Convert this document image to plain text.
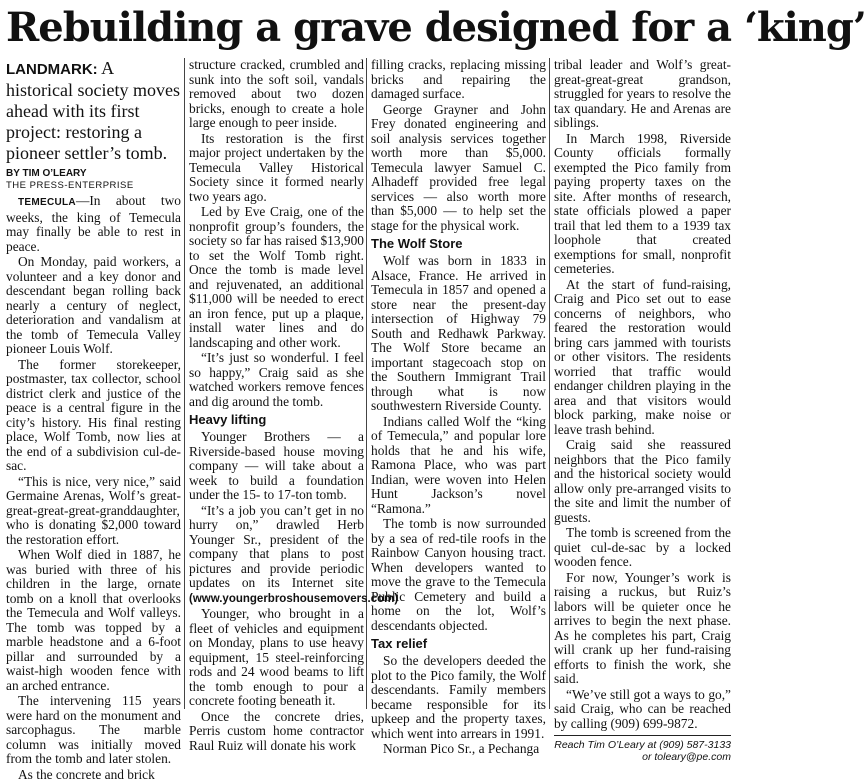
Rebuilding a grave designed for a ‘king’

LANDMARK: A historical society moves ahead with its first project: restoring a pioneer settler’s tomb.

BY TIM O’LEARY

THE PRESS-ENTERPRISE

TEMECULA—In about two weeks, the king of Temecula may finally be able to rest in peace.

On Monday, paid workers, a volunteer and a key donor and descendant began rolling back nearly a century of neglect, deterioration and vandalism at the tomb of Temecula Valley pioneer Louis Wolf.

The former storekeeper, postmaster, tax collector, school district clerk and justice of the peace is a central figure in the city’s history. His final resting place, Wolf Tomb, now lies at the end of a subdivision cul-de-sac.

“This is nice, very nice,” said Germaine Arenas, Wolf’s great-great-great-great-granddaughter, who is donating $2,000 toward the restoration effort.

When Wolf died in 1887, he was buried with three of his children in the large, ornate tomb on a knoll that overlooks the Temecula and Wolf valleys. The tomb was topped by a marble headstone and a 6-foot pillar and surrounded by a waist-high wooden fence with an arched entrance.

The intervening 115 years were hard on the monument and sarcophagus. The marble column was initially moved from the tomb and later stolen.

As the concrete and brick

structure cracked, crumbled and sunk into the soft soil, vandals removed about two dozen bricks, enough to create a hole large enough to peer inside.

Its restoration is the first major project undertaken by the Temecula Valley Historical Society since it formed nearly two years ago.

Led by Eve Craig, one of the nonprofit group’s founders, the society so far has raised $13,900 to set the Wolf Tomb right. Once the tomb is made level and rejuvenated, an additional $11,000 will be needed to erect an iron fence, put up a plaque, install water lines and do landscaping and other work.

“It’s just so wonderful. I feel so happy,” Craig said as she watched workers remove fences and dig around the tomb.

Heavy lifting

Younger Brothers — a Riverside-based house moving company — will take about a week to build a foundation under the 15- to 17-ton tomb.

“It’s a job you can’t get in no hurry on,” drawled Herb Younger Sr., president of the company that plans to post pictures and provide periodic updates on its Internet site (www.youngerbroshousemovers.com)

Younger, who brought in a fleet of vehicles and equipment on Monday, plans to use heavy equipment, 15 steel-reinforcing rods and 24 wood beams to lift the tomb enough to pour a concrete footing beneath it.

Once the concrete dries, Perris custom home contractor Raul Ruiz will donate his work

filling cracks, replacing missing bricks and repairing the damaged surface.

George Grayner and John Frey donated engineering and soil analysis services together worth more than $5,000. Temecula lawyer Samuel C. Alhadeff provided free legal services — also worth more than $5,000 — to help set the stage for the physical work.

The Wolf Store

Wolf was born in 1833 in Alsace, France. He arrived in Temecula in 1857 and opened a store near the present-day intersection of Highway 79 South and Redhawk Parkway. The Wolf Store became an important stagecoach stop on the Southern Immigrant Trail through what is now southwestern Riverside County.

Indians called Wolf the “king of Temecula,” and popular lore holds that he and his wife, Ramona Place, who was part Indian, were woven into Helen Hunt Jackson’s novel “Ramona.”

The tomb is now surrounded by a sea of red-tile roofs in the Rainbow Canyon housing tract. When developers wanted to move the grave to the Temecula Public Cemetery and build a home on the lot, Wolf’s descendants objected.

Tax relief

So the developers deeded the plot to the Pico family, the Wolf descendants. Family members became responsible for its upkeep and the property taxes, which went into arrears in 1991.

Norman Pico Sr., a Pechanga

tribal leader and Wolf’s great-great-great-great grandson, struggled for years to resolve the tax quandary. He and Arenas are siblings.

In March 1998, Riverside County officials formally exempted the Pico family from paying property taxes on the site. After months of research, state officials plowed a paper trail that led them to a 1939 tax loophole that created exemptions for small, nonprofit cemeteries.

At the start of fund-raising, Craig and Pico set out to ease concerns of neighbors, who feared the restoration would bring cars jammed with tourists or other visitors. The residents worried that traffic would endanger children playing in the area and that visitors would block parking, make noise or leave trash behind.

Craig said she reassured neighbors that the Pico family and the historical society would allow only pre-arranged visits to the site and limit the number of guests.

The tomb is screened from the quiet cul-de-sac by a locked wooden fence.

For now, Younger’s work is raising a ruckus, but Ruiz’s labors will be quieter once he arrives to begin the next phase. As he completes his part, Craig will crank up her fund-raising efforts to finish the work, she said.

“We’ve still got a ways to go,” said Craig, who can be reached by calling (909) 699-9872.

Reach Tim O’Leary at (909) 587-3133 or toleary@pe.com
